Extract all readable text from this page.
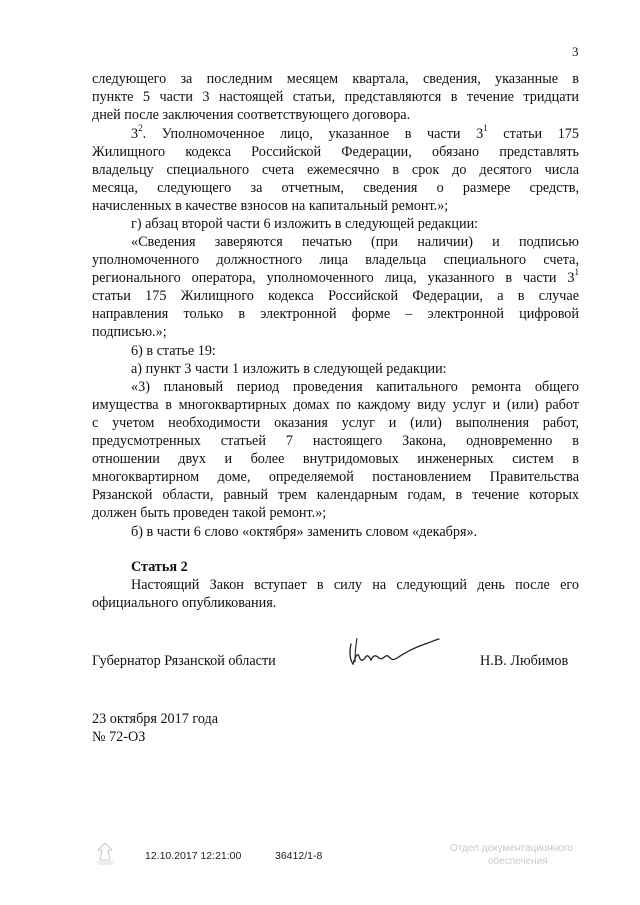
3
следующего за последним месяцем квартала, сведения, указанные в
пункте 5 части 3 настоящей статьи, представляются в течение тридцати
дней после заключения соответствующего договора.
$3^2$. Уполномоченное лицо, указанное в части $3^1$ статьи 175
Жилищного кодекса Российской Федерации, обязано представлять
владельцу специального счета ежемесячно в срок до десятого числа
месяца, следующего за отчетным, сведения о размере средств,
начисленных в качестве взносов на капитальный ремонт.»;
г) абзац второй части 6 изложить в следующей редакции:
«Сведения заверяются печатью (при наличии) и подписью
уполномоченного должностного лица владельца специального счета,
регионального оператора, уполномоченного лица, указанного в части $3^1$
статьи 175 Жилищного кодекса Российской Федерации, а в случае
направления только в электронной форме – электронной цифровой
подписью.»;
6) в статье 19:
а) пункт 3 части 1 изложить в следующей редакции:
«3) плановый период проведения капитального ремонта общего
имущества в многоквартирных домах по каждому виду услуг и (или) работ
с учетом необходимости оказания услуг и (или) выполнения работ,
предусмотренных статьей 7 настоящего Закона, одновременно в
отношении двух и более внутридомовых инженерных систем в
многоквартирном доме, определяемой постановлением Правительства
Рязанской области, равный трем календарным годам, в течение которых
должен быть проведен такой ремонт.»;
б) в части 6 слово «октября» заменить словом «декабря».
Статья 2
Настоящий Закон вступает в силу на следующий день после его
официального опубликования.
Губернатор Рязанской области	Н.В. Любимов
23 октября 2017 года
№ 72-ОЗ
12.10.2017 12:21:00	36412/1-8
Отдел документационного
обеспечения
